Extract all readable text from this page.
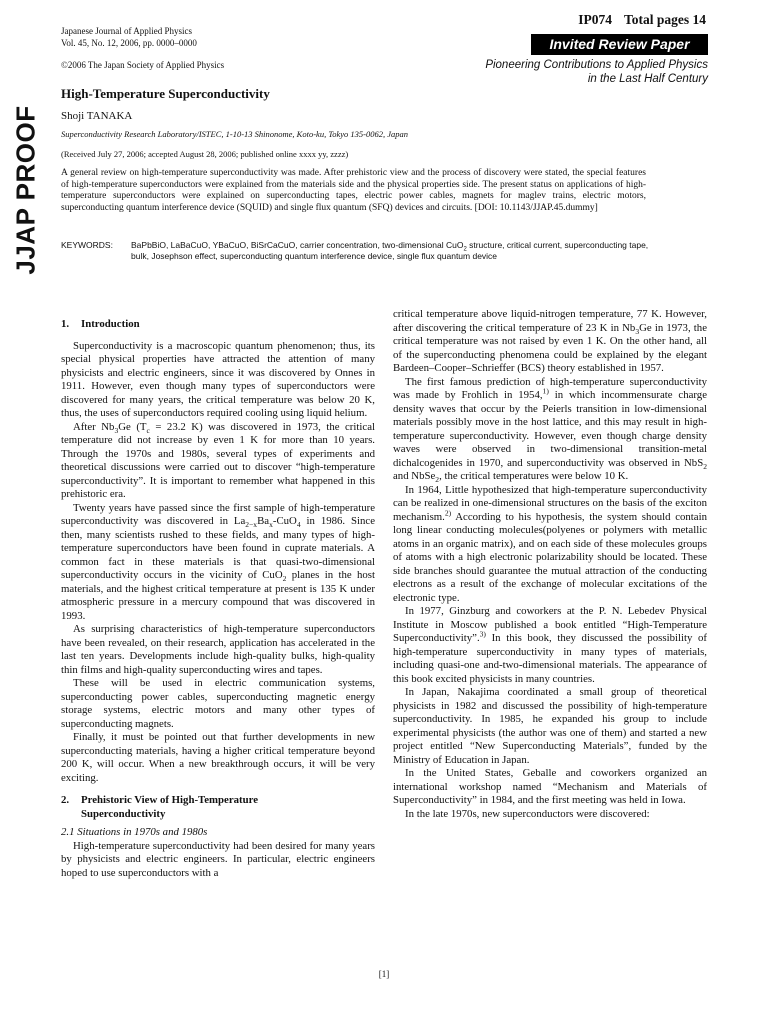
JJAP PROOF
Japanese Journal of Applied Physics
Vol. 45, No. 12, 2006, pp. 0000–0000
©2006 The Japan Society of Applied Physics
IP074 Total pages 14
Invited Review Paper
Pioneering Contributions to Applied Physics
in the Last Half Century
High-Temperature Superconductivity
Shoji TANAKA
Superconductivity Research Laboratory/ISTEC, 1-10-13 Shinonome, Koto-ku, Tokyo 135-0062, Japan
(Received July 27, 2006; accepted August 28, 2006; published online xxxx yy, zzzz)
A general review on high-temperature superconductivity was made. After prehistoric view and the process of discovery were stated, the special features of high-temperature superconductors were explained from the materials side and the physical properties side. The present status on applications of high-temperature superconductors were explained on superconducting tapes, electric power cables, magnets for maglev trains, electric motors, superconducting quantum interference device (SQUID) and single flux quantum (SFQ) devices and circuits. [DOI: 10.1143/JJAP.45.dummy]
KEYWORDS: BaPbBiO, LaBaCuO, YBaCuO, BiSrCaCuO, carrier concentration, two-dimensional CuO$_2$ structure, critical current, superconducting tape, bulk, Josephson effect, superconducting quantum interference device, single flux quantum device

1. Introduction

Superconductivity is a macroscopic quantum phenomenon; thus, its special physical properties have attracted the attention of many physicists and electric engineers, since it was discovered by Onnes in 1911. However, even though many types of superconductors were discovered for many years, the critical temperature was below 20 K, thus, the uses of superconductors required cooling using liquid helium.

After $Nb_3Ge$ ($T_c = 23.2$ K) was discovered in 1973, the critical temperature did not increase by even 1 K for more than 10 years. Through the 1970s and 1980s, several types of experiments and theoretical discussions were carried out to discover “high-temperature superconductivity”. It is important to remember what happened in this prehistoric era.

Twenty years have passed since the first sample of high-temperature superconductivity was discovered in $La_{2-x}Ba_x-CuO_4$ in 1986. Since then, many scientists rushed to these fields, and many types of high-temperature superconductors have been found in cuprate materials. A common fact in these materials is that quasi-two-dimensional superconductivity occurs in the vicinity of CuO$_2$ planes in the host materials, and the highest critical temperature at present is 135 K under atmospheric pressure in a mercury compound that was discovered in 1993.

As surprising characteristics of high-temperature superconductors have been revealed, on their research, application has accelerated in the last ten years. Developments include high-quality bulks, high-quality thin films and high-quality superconducting wires and tapes.

These will be used in electric communication systems, superconducting power cables, superconducting magnetic energy storage systems, electric motors and many other types of superconducting magnets.

Finally, it must be pointed out that further developments in new superconducting materials, having a higher critical temperature beyond 200 K, will occur. When a new breakthrough occurs, it will be very exciting.

2.	Prehistoric View of High-Temperature Superconductivity

2.1 Situations in 1970s and 1980s

High-temperature superconductivity had been desired for many years by physicists and electric engineers. In particular, electric engineers hoped to use superconductors with a

critical temperature above liquid-nitrogen temperature, 77 K. However, after discovering the critical temperature of 23 K in $Nb_3Ge$ in 1973, the critical temperature was not raised by even 1 K. On the other hand, all of the superconducting phenomena could be explained by the elegant Bardeen–Cooper–Schrieffer (BCS) theory established in 1957.

The first famous prediction of high-temperature superconductivity was made by Frohlich in 1954,$^{1)}$ in which incommensurate charge density waves that occur by the Peierls transition in low-dimensional materials possibly move in the host lattice, and this may result in high-temperature superconductivity. However, even though charge density waves were observed in two-dimensional transition-metal dichalcogenides in 1970, and superconductivity was observed in NbS$_2$ and NbSe$_2$, the critical temperatures were below 10 K.

In 1964, Little hypothesized that high-temperature superconductivity can be realized in one-dimensional structures on the basis of the exciton mechanism.$^{2)}$ According to his hypothesis, the system should contain long linear conducting molecules(polyenes or polymers with metallic atoms in an organic matrix), and on each side of these molecules groups of atoms with a high electronic polarizability should be located. These side branches should guarantee the mutual attraction of the conducting electrons as a result of the exchange of molecular excitations of the electronic type.

In 1977, Ginzburg and coworkers at the P. N. Lebedev Physical Institute in Moscow published a book entitled “High-Temperature Superconductivity”.$^{3)}$ In this book, they discussed the possibility of high-temperature superconductivity in many types of materials, including quasi-one and-two-dimensional materials. The appearance of this book excited physicists in many countries.

In Japan, Nakajima coordinated a small group of theoretical physicists in 1982 and discussed the possibility of high-temperature superconductivity. In 1985, he expanded his group to include experimental physicists (the author was one of them) and started a new project entitled “New Superconducting Materials”, funded by the Ministry of Education in Japan.

In the United States, Geballe and coworkers organized an international workshop named “Mechanism and Materials of Superconductivity” in 1984, and the first meeting was held in Iowa.

In the late 1970s, new superconductors were discovered:

[1]
